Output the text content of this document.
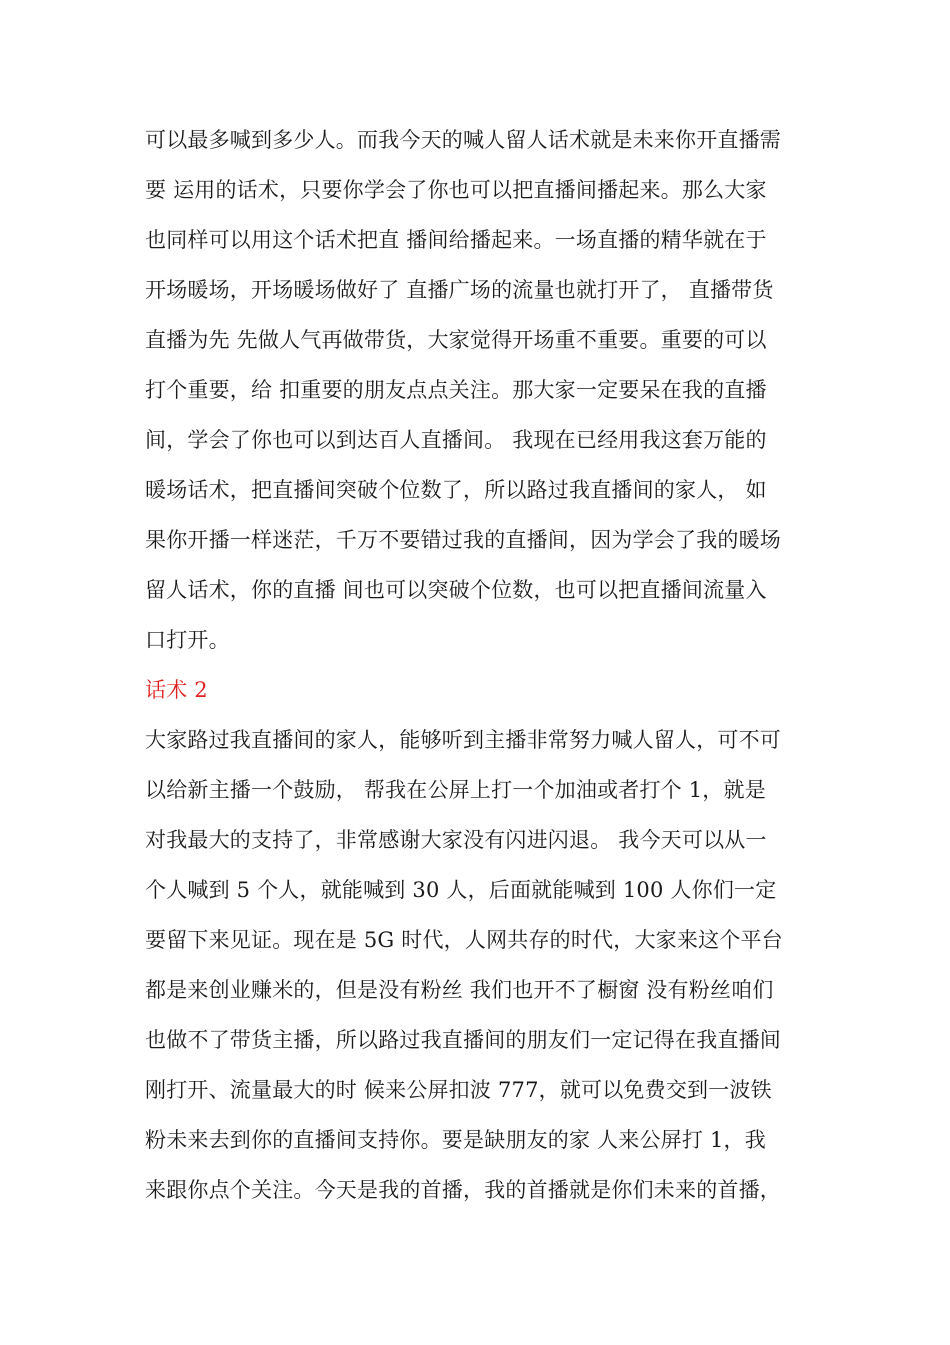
可以最多喊到多少人。而我今天的喊人留人话术就是未来你开直播需
要 运用的话术，只要你学会了你也可以把直播间播起来。那么大家
也同样可以用这个话术把直 播间给播起来。一场直播的精华就在于
开场暖场，开场暖场做好了 直播广场的流量也就打开了， 直播带货
直播为先 先做人气再做带货，大家觉得开场重不重要。重要的可以
打个重要，给 扣重要的朋友点点关注。那大家一定要呆在我的直播
间，学会了你也可以到达百人直播间。 我现在已经用我这套万能的
暖场话术，把直播间突破个位数了，所以路过我直播间的家人， 如
果你开播一样迷茫，千万不要错过我的直播间，因为学会了我的暖场
留人话术，你的直播 间也可以突破个位数，也可以把直播间流量入
口打开。
话术 2
大家路过我直播间的家人，能够听到主播非常努力喊人留人，可不可
以给新主播一个鼓励， 帮我在公屏上打一个加油或者打个 1，就是
对我最大的支持了，非常感谢大家没有闪进闪退。 我今天可以从一
个人喊到 5 个人，就能喊到 30 人，后面就能喊到 100 人你们一定
要留下来见证。现在是 5G 时代，人网共存的时代，大家来这个平台
都是来创业赚米的，但是没有粉丝 我们也开不了橱窗 没有粉丝咱们
也做不了带货主播，所以路过我直播间的朋友们一定记得在我直播间
刚打开、流量最大的时 候来公屏扣波 777，就可以免费交到一波铁
粉未来去到你的直播间支持你。要是缺朋友的家 人来公屏打 1，我
来跟你点个关注。今天是我的首播，我的首播就是你们未来的首播，
